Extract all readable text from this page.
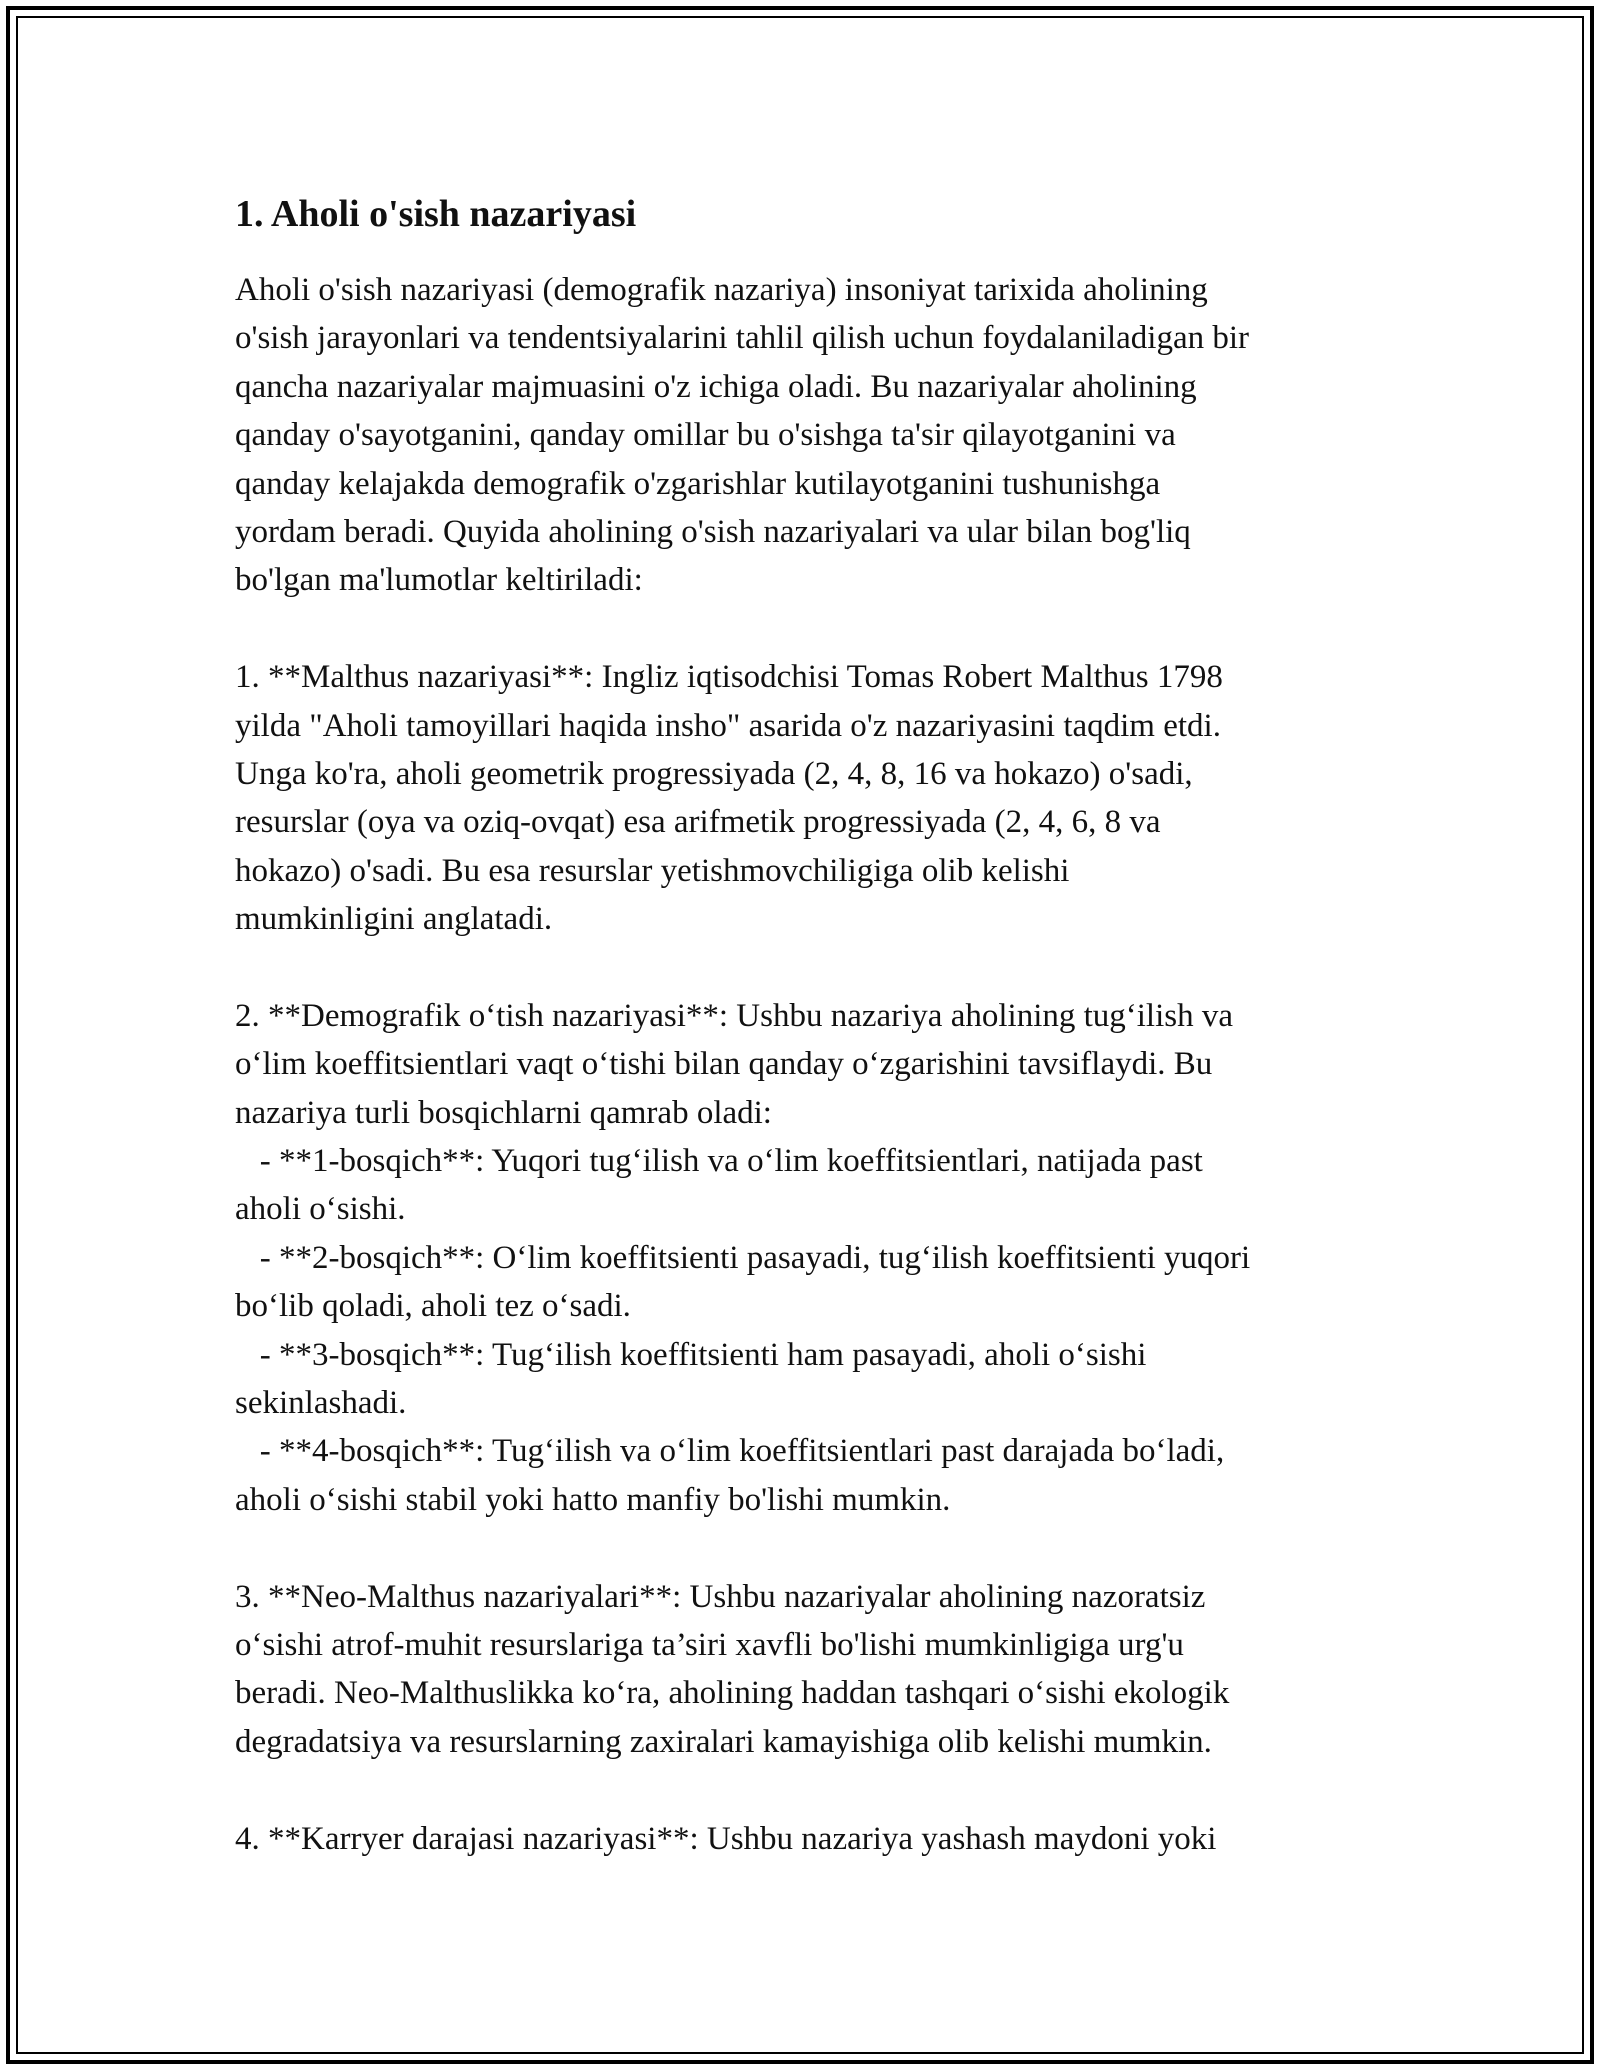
1. Aholi o'sish nazariyasi

Aholi o'sish nazariyasi (demografik nazariya) insoniyat tarixida aholining

o'sish jarayonlari va tendentsiyalarini tahlil qilish uchun foydalaniladigan bir

qancha nazariyalar majmuasini o'z ichiga oladi. Bu nazariyalar aholining

qanday o'sayotganini, qanday omillar bu o'sishga ta'sir qilayotganini va

qanday kelajakda demografik o'zgarishlar kutilayotganini tushunishga

yordam beradi. Quyida aholining o'sish nazariyalari va ular bilan bog'liq

bo'lgan ma'lumotlar keltiriladi:

1. **Malthus nazariyasi**: Ingliz iqtisodchisi Tomas Robert Malthus 1798

yilda "Aholi tamoyillari haqida insho" asarida o'z nazariyasini taqdim etdi.

Unga ko'ra, aholi geometrik progressiyada (2, 4, 8, 16 va hokazo) o'sadi,

resurslar (oya va oziq-ovqat) esa arifmetik progressiyada (2, 4, 6, 8 va

hokazo) o'sadi. Bu esa resurslar yetishmovchiligiga olib kelishi

mumkinligini anglatadi.

2. **Demografik o‘tish nazariyasi**: Ushbu nazariya aholining tug‘ilish va

o‘lim koeffitsientlari vaqt o‘tishi bilan qanday o‘zgarishini tavsiflaydi. Bu

nazariya turli bosqichlarni qamrab oladi:

- **1-bosqich**: Yuqori tug‘ilish va o‘lim koeffitsientlari, natijada past

aholi o‘sishi.

- **2-bosqich**: O‘lim koeffitsienti pasayadi, tug‘ilish koeffitsienti yuqori

bo‘lib qoladi, aholi tez o‘sadi.

- **3-bosqich**: Tug‘ilish koeffitsienti ham pasayadi, aholi o‘sishi

sekinlashadi.

- **4-bosqich**: Tug‘ilish va o‘lim koeffitsientlari past darajada bo‘ladi,

aholi o‘sishi stabil yoki hatto manfiy bo'lishi mumkin.

3. **Neo-Malthus nazariyalari**: Ushbu nazariyalar aholining nazoratsiz

o‘sishi atrof-muhit resurslariga ta’siri xavfli bo'lishi mumkinligiga urg'u

beradi. Neo-Malthuslikka ko‘ra, aholining haddan tashqari o‘sishi ekologik

degradatsiya va resurslarning zaxiralari kamayishiga olib kelishi mumkin.

4. **Karryer darajasi nazariyasi**: Ushbu nazariya yashash maydoni yoki
